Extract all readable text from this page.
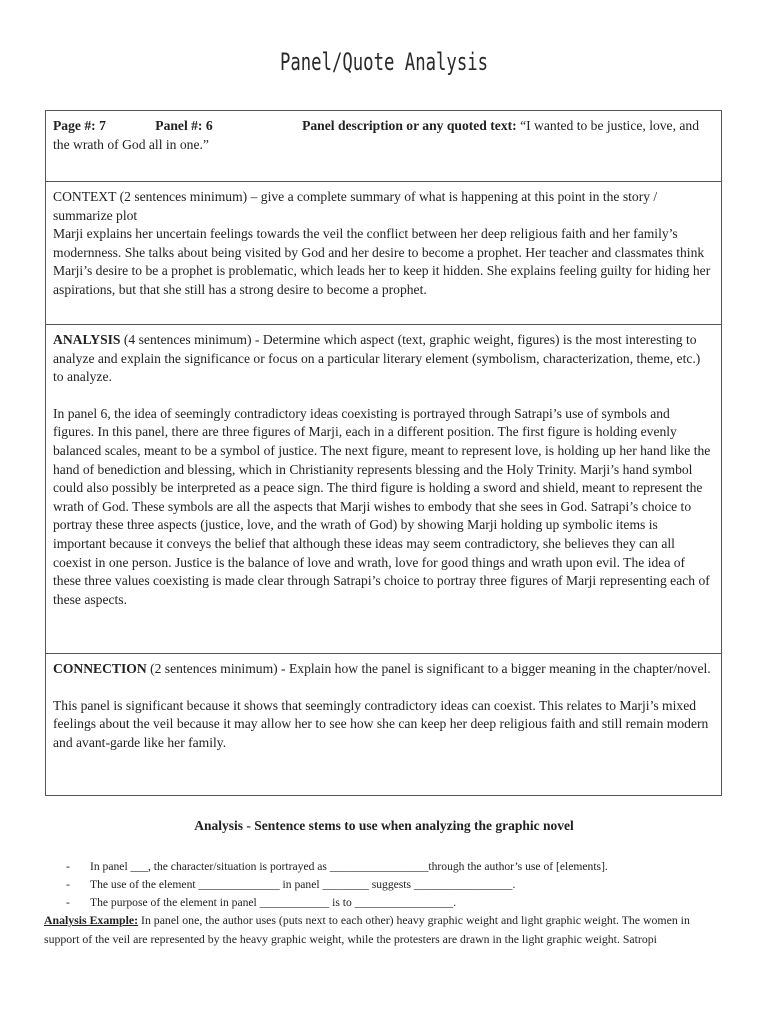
Panel/Quote Analysis
Page #: 7	Panel #: 6	Panel description or any quoted text: “I wanted to be justice, love, and the wrath of God all in one.”

CONTEXT (2 sentences minimum) – give a complete summary of what is happening at this point in the story / summarize plot

Marji explains her uncertain feelings towards the veil the conflict between her deep religious faith and her family’s modernness. She talks about being visited by God and her desire to become a prophet. Her teacher and classmates think Marji’s desire to be a prophet is problematic, which leads her to keep it hidden. She explains feeling guilty for hiding her aspirations, but that she still has a strong desire to become a prophet.

ANALYSIS (4 sentences minimum) - Determine which aspect (text, graphic weight, figures) is the most interesting to analyze and explain the significance or focus on a particular literary element (symbolism, characterization, theme, etc.) to analyze.

In panel 6, the idea of seemingly contradictory ideas coexisting is portrayed through Satrapi’s use of symbols and figures. In this panel, there are three figures of Marji, each in a different position. The first figure is holding evenly balanced scales, meant to be a symbol of justice. The next figure, meant to represent love, is holding up her hand like the hand of benediction and blessing, which in Christianity represents blessing and the Holy Trinity. Marji’s hand symbol could also possibly be interpreted as a peace sign. The third figure is holding a sword and shield, meant to represent the wrath of God. These symbols are all the aspects that Marji wishes to embody that she sees in God. Satrapi’s choice to portray these three aspects (justice, love, and the wrath of God) by showing Marji holding up symbolic items is important because it conveys the belief that although these ideas may seem contradictory, she believes they can all coexist in one person. Justice is the balance of love and wrath, love for good things and wrath upon evil. The idea of these three values coexisting is made clear through Satrapi’s choice to portray three figures of Marji representing each of these aspects.

CONNECTION (2 sentences minimum) - Explain how the panel is significant to a bigger meaning in the chapter/novel.

This panel is significant because it shows that seemingly contradictory ideas can coexist. This relates to Marji’s mixed feelings about the veil because it may allow her to see how she can keep her deep religious faith and still remain modern and avant-garde like her family.

Analysis - Sentence stems to use when analyzing the graphic novel
- In panel ___, the character/situation is portrayed as _________________through the author’s use of [elements].
- The use of the element ______________ in panel ________ suggests _________________.
- The purpose of the element in panel ____________ is to _________________.
Analysis Example: In panel one, the author uses (puts next to each other) heavy graphic weight and light graphic weight. The women in support of the veil are represented by the heavy graphic weight, while the protesters are drawn in the light graphic weight. Satropi
